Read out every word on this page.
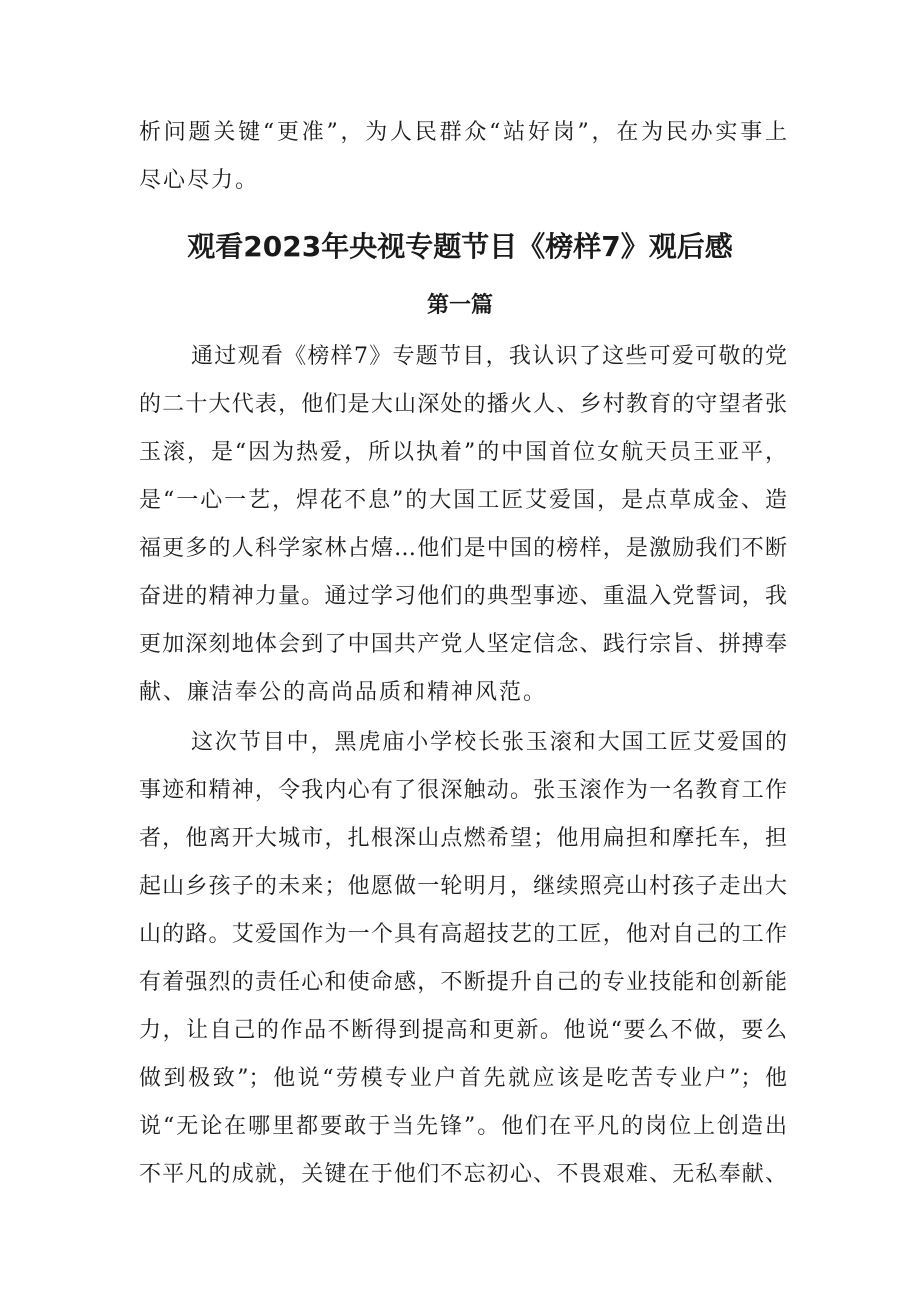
析问题关键“更准”，为人民群众“站好岗”，在为民办实事上
尽心尽力。
观看2023年央视专题节目《榜样7》观后感
第一篇
通过观看《榜样7》专题节目，我认识了这些可爱可敬的党
的二十大代表，他们是大山深处的播火人、乡村教育的守望者张
玉滚，是“因为热爱，所以执着”的中国首位女航天员王亚平，
是“一心一艺，焊花不息”的大国工匠艾爱国，是点草成金、造
福更多的人科学家林占熺…他们是中国的榜样，是激励我们不断
奋进的精神力量。通过学习他们的典型事迹、重温入党誓词，我
更加深刻地体会到了中国共产党人坚定信念、践行宗旨、拼搏奉
献、廉洁奉公的高尚品质和精神风范。
这次节目中，黑虎庙小学校长张玉滚和大国工匠艾爱国的
事迹和精神，令我内心有了很深触动。张玉滚作为一名教育工作
者，他离开大城市，扎根深山点燃希望；他用扁担和摩托车，担
起山乡孩子的未来；他愿做一轮明月，继续照亮山村孩子走出大
山的路。艾爱国作为一个具有高超技艺的工匠，他对自己的工作
有着强烈的责任心和使命感，不断提升自己的专业技能和创新能
力，让自己的作品不断得到提高和更新。他说“要么不做，要么
做到极致”；他说“劳模专业户首先就应该是吃苦专业户”；他
说“无论在哪里都要敢于当先锋”。他们在平凡的岗位上创造出
不平凡的成就，关键在于他们不忘初心、不畏艰难、无私奉献、
